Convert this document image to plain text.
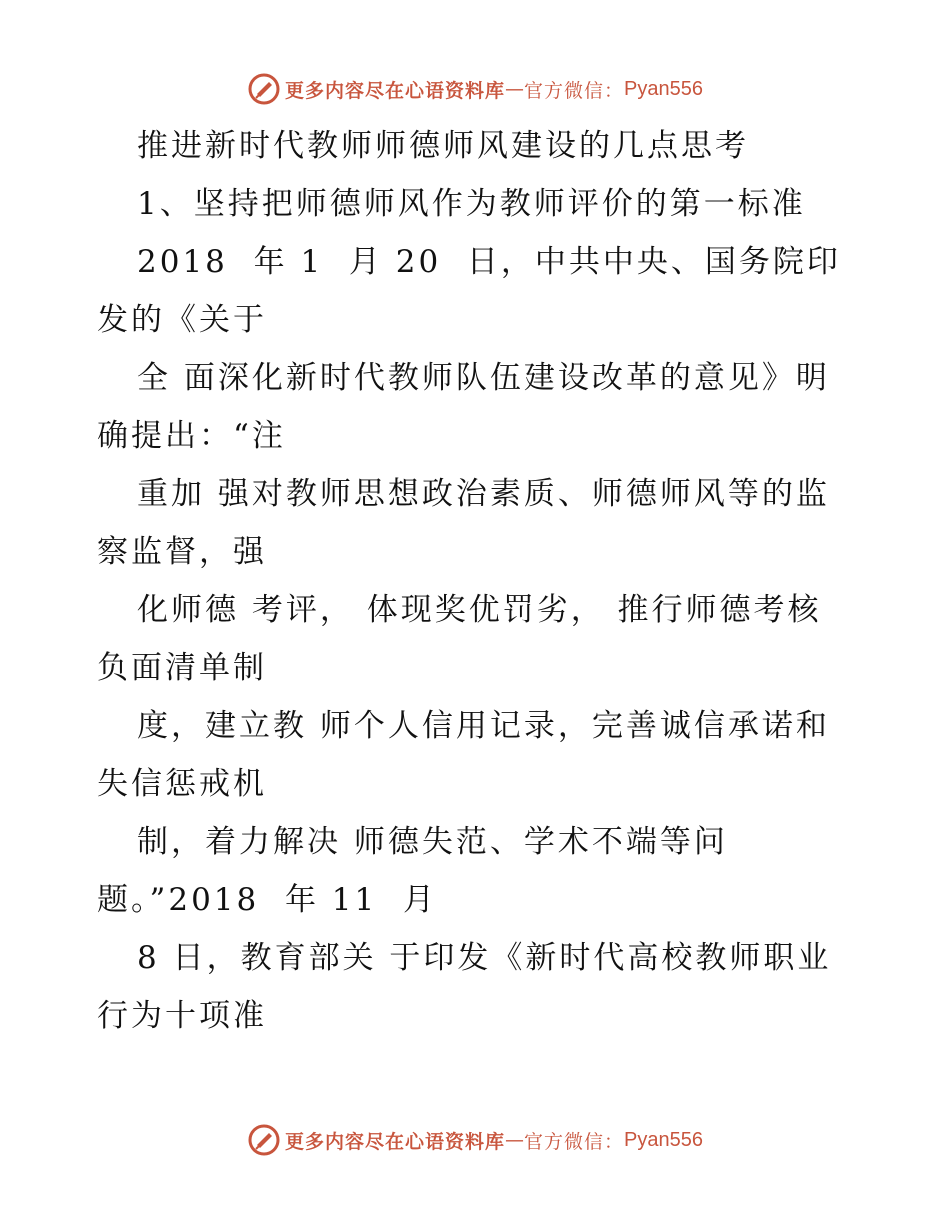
更多内容尽在心语资料库 — 官方微信： Pyan556
推进新时代教师师德师风建设的几点思考
1、坚持把师德师风作为教师评价的第一标准
2018  年 1  月 20  日，中共中央、国务院印
发的《关于
全 面深化新时代教师队伍建设改革的意见》明
确提出：“注
重加 强对教师思想政治素质、师德师风等的监
察监督，强
化师德 考评， 体现奖优罚劣， 推行师德考核
负面清单制
度，建立教 师个人信用记录，完善诚信承诺和
失信惩戒机
制，着力解决 师德失范、学术不端等问
题。”2018  年 11  月
8 日，教育部关 于印发《新时代高校教师职业
行为十项准
更多内容尽在心语资料库 — 官方微信： Pyan556
